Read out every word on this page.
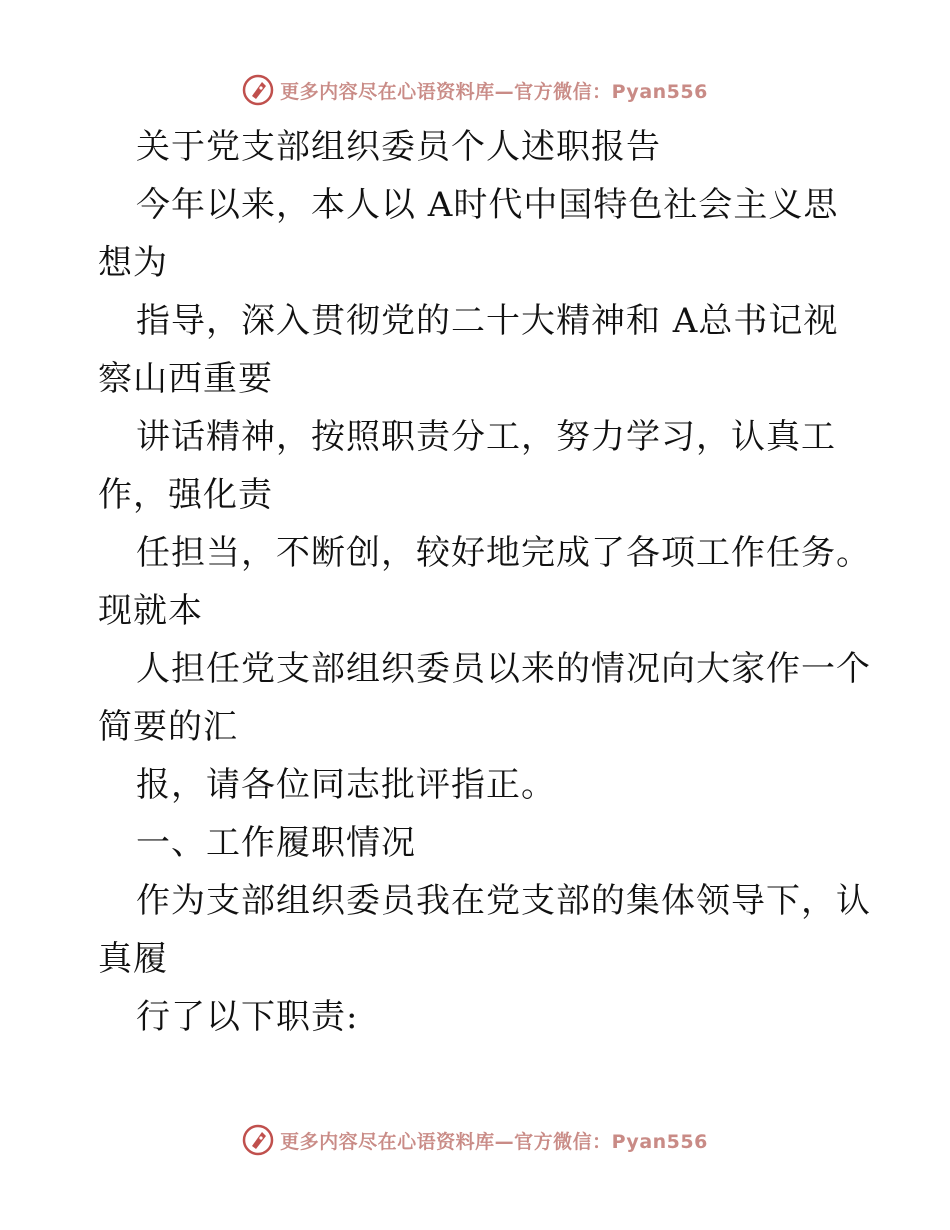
更多内容尽在心语资料库—官方微信：Pyan556
关于党支部组织委员个人述职报告
今年以来，本人以 A时代中国特色社会主义思
想为
指导，深入贯彻党的二十大精神和 A总书记视
察山西重要
讲话精神，按照职责分工，努力学习，认真工
作，强化责
任担当，不断创，较好地完成了各项工作任务。
现就本
人担任党支部组织委员以来的情况向大家作一个
简要的汇
报，请各位同志批评指正。
一、工作履职情况
作为支部组织委员我在党支部的集体领导下，认
真履
行了以下职责:
更多内容尽在心语资料库—官方微信：Pyan556
